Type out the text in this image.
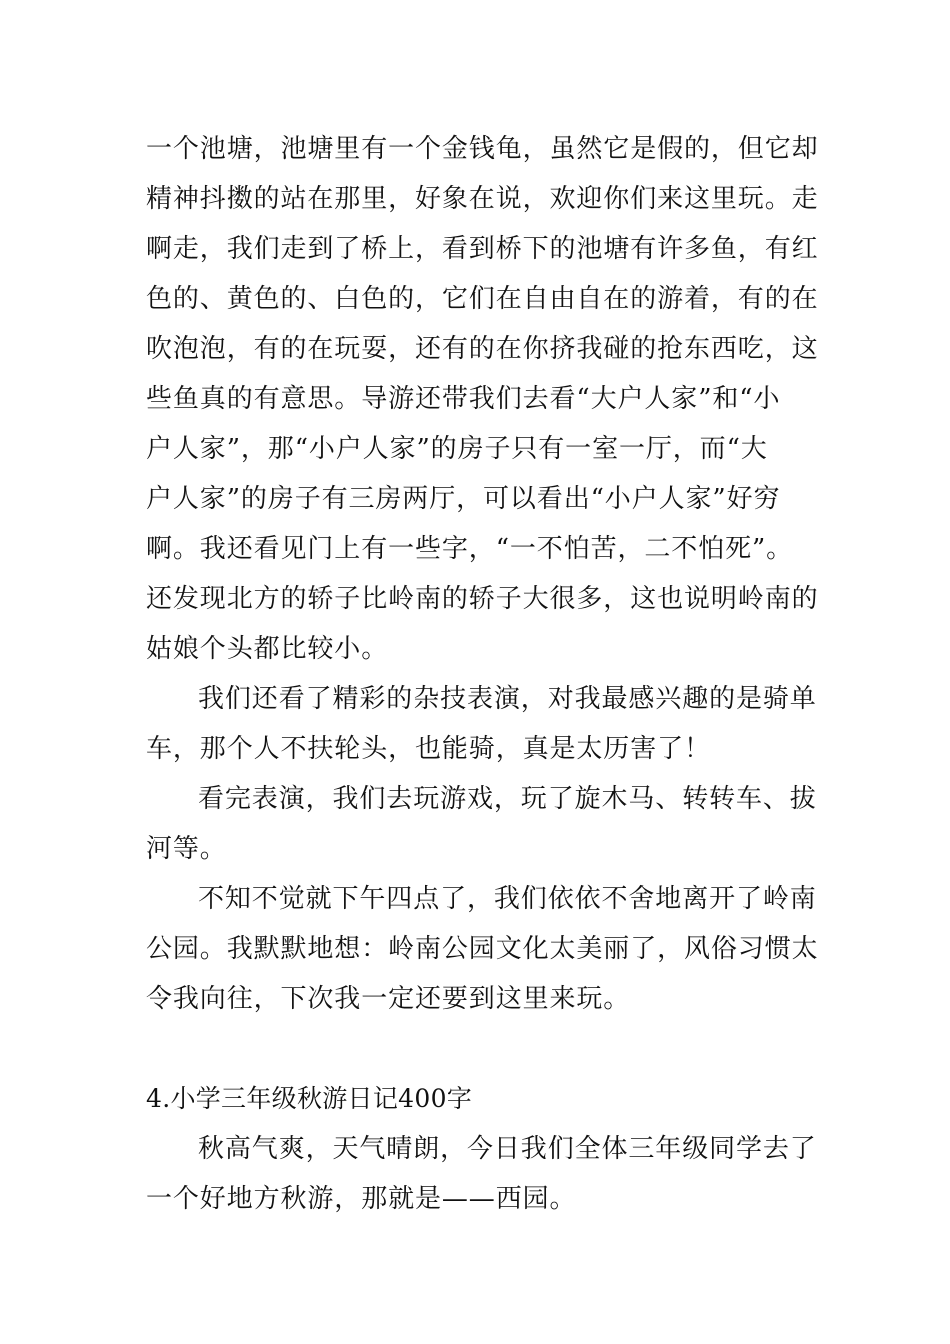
一个池塘，池塘里有一个金钱龟，虽然它是假的，但它却
精神抖擞的站在那里，好象在说，欢迎你们来这里玩。走
啊走，我们走到了桥上，看到桥下的池塘有许多鱼，有红
色的、黄色的、白色的，它们在自由自在的游着，有的在
吹泡泡，有的在玩耍，还有的在你挤我碰的抢东西吃，这
些鱼真的有意思。导游还带我们去看“大户人家”和“小
户人家”，那“小户人家”的房子只有一室一厅，而“大
户人家”的房子有三房两厅，可以看出“小户人家”好穷
啊。我还看见门上有一些字，“一不怕苦，二不怕死”。
还发现北方的轿子比岭南的轿子大很多，这也说明岭南的
姑娘个头都比较小。
我们还看了精彩的杂技表演，对我最感兴趣的是骑单
车，那个人不扶轮头，也能骑，真是太历害了！
看完表演，我们去玩游戏，玩了旋木马、转转车、拔
河等。
不知不觉就下午四点了，我们依依不舍地离开了岭南
公园。我默默地想：岭南公园文化太美丽了，风俗习惯太
令我向往，下次我一定还要到这里来玩。
4.小学三年级秋游日记400字
秋高气爽，天气晴朗，今日我们全体三年级同学去了
一个好地方秋游，那就是——西园。
